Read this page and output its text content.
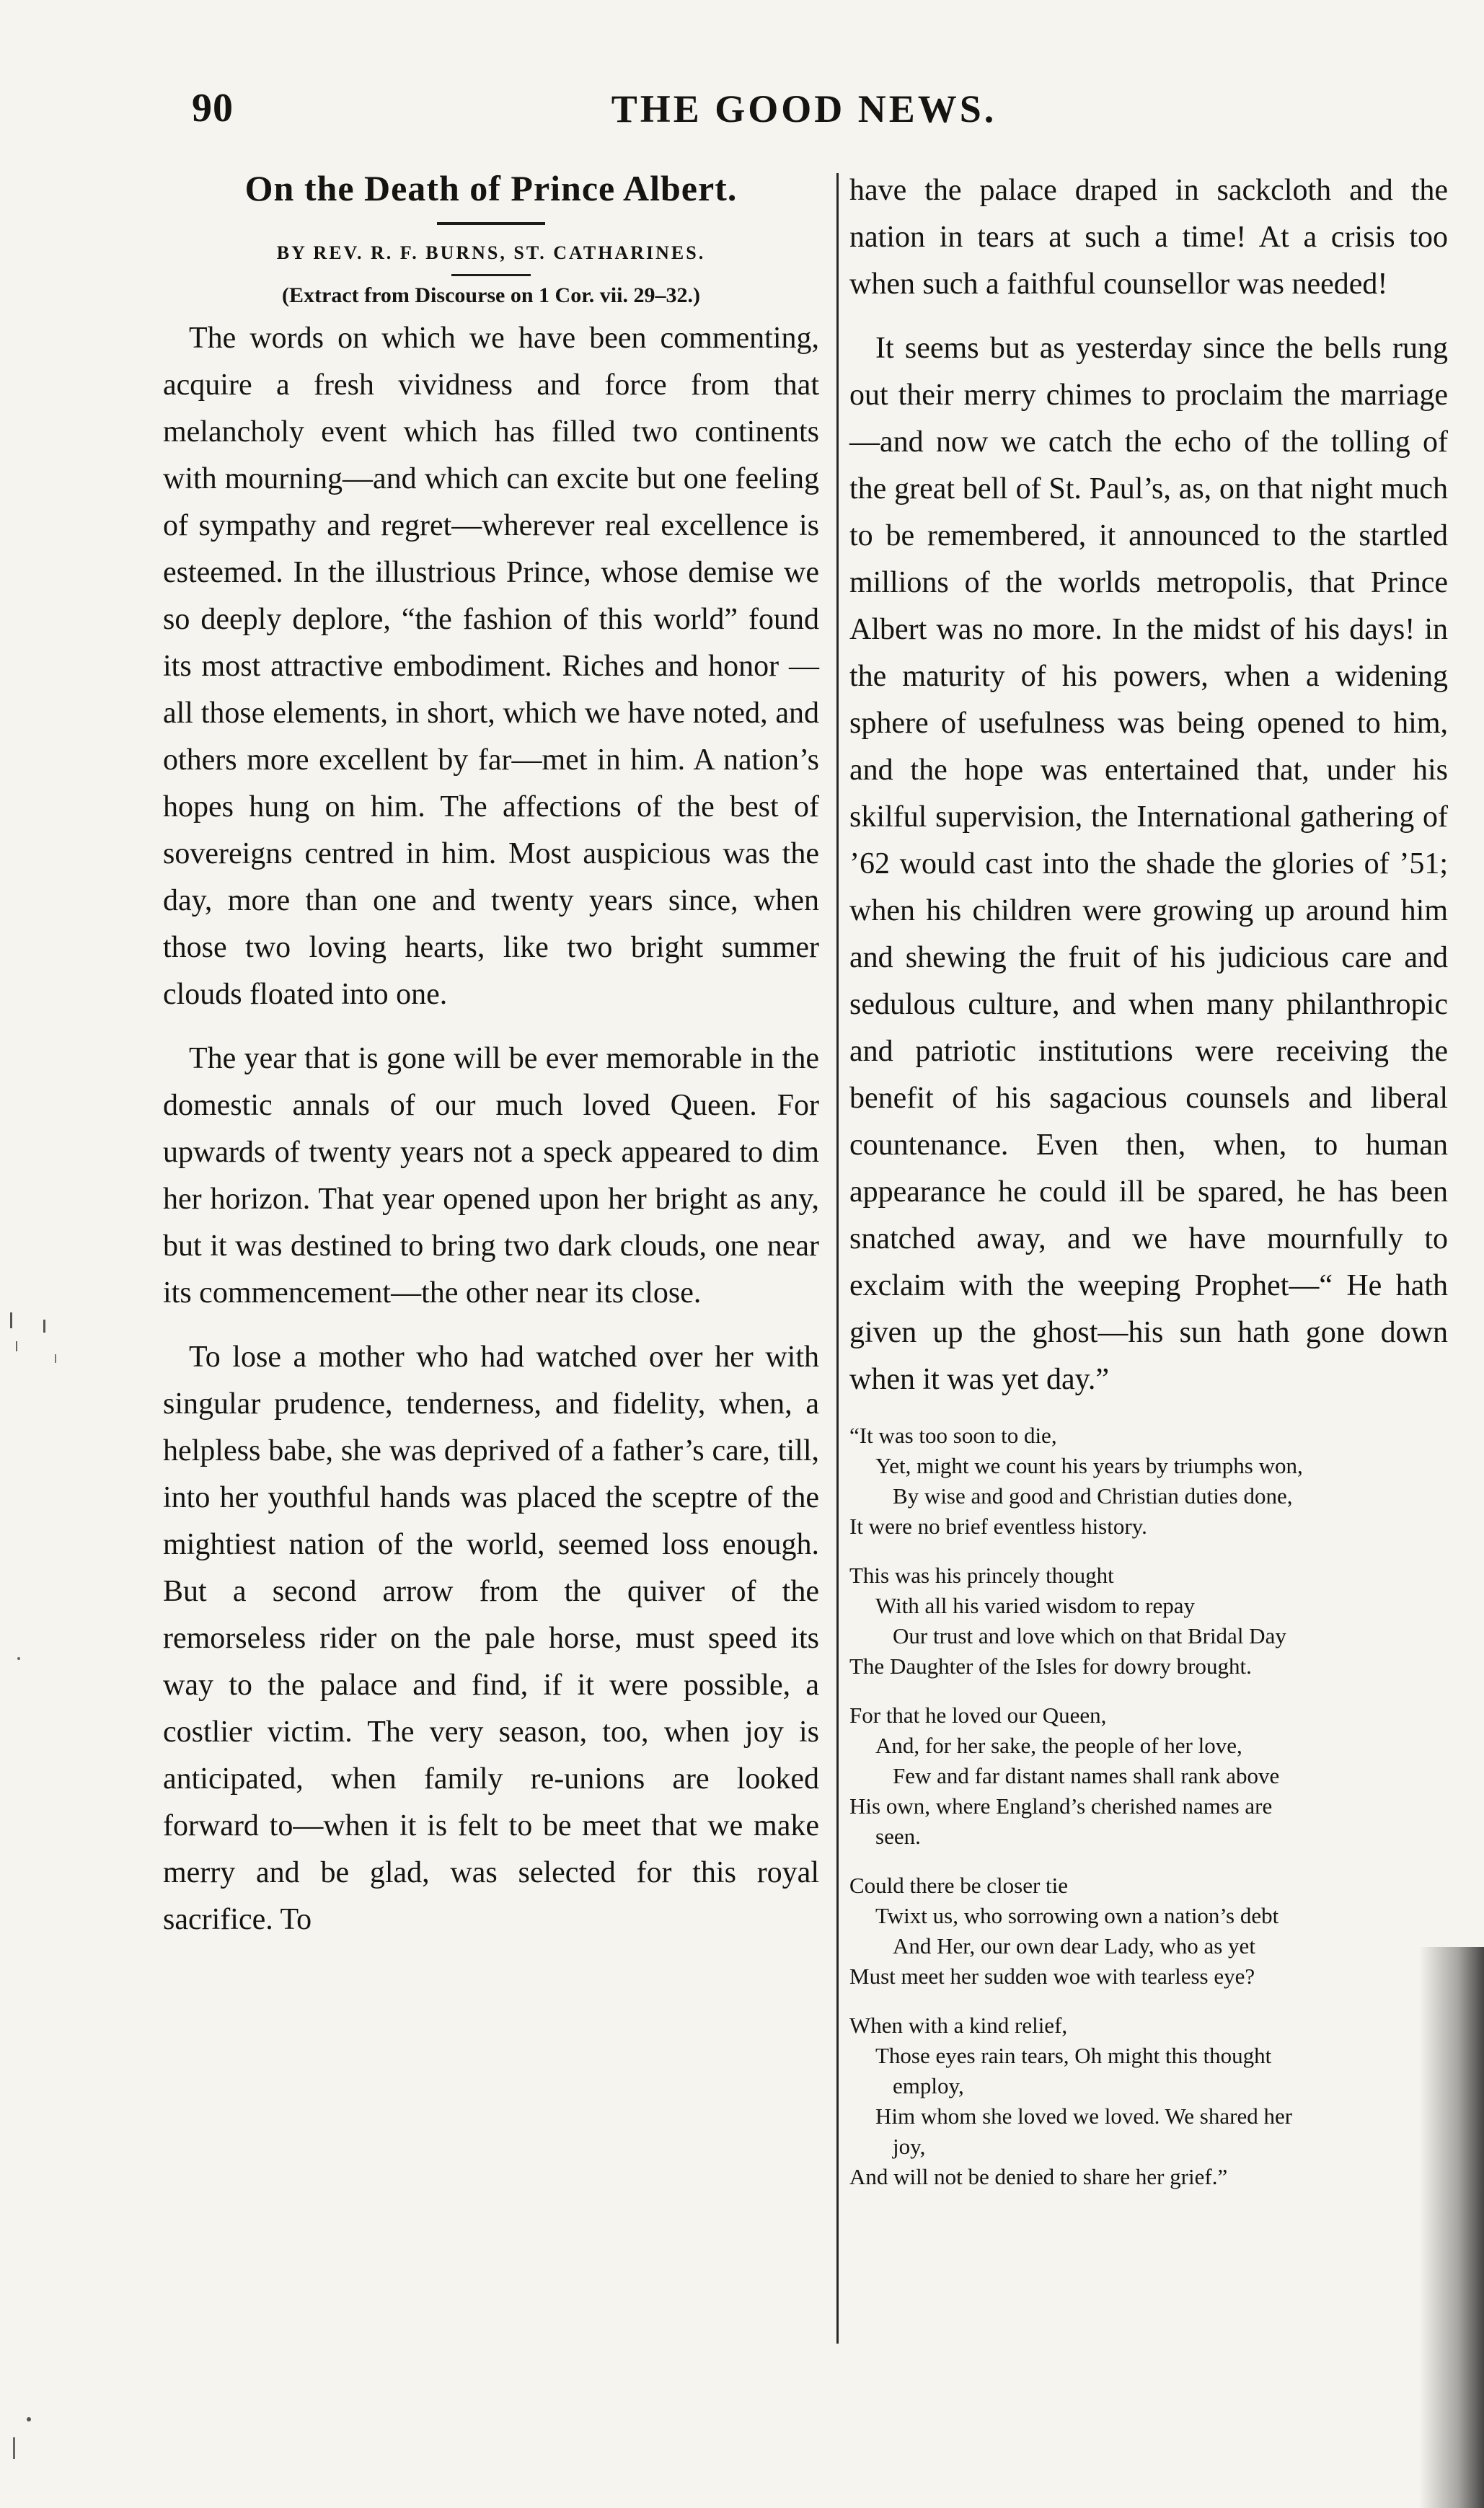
90	THE GOOD NEWS.
On the Death of Prince Albert.
BY REV. R. F. BURNS, ST. CATHARINES.
(Extract from Discourse on 1 Cor. vii. 29–32.)

The words on which we have been commenting, acquire a fresh vividness and force from that melancholy event which has filled two continents with mourning—and which can excite but one feeling of sympathy and regret—wherever real excellence is esteemed. In the illustrious Prince, whose demise we so deeply deplore, “the fashion of this world” found its most attractive embodiment. Riches and honor —all those elements, in short, which we have noted, and others more excellent by far—met in him. A nation’s hopes hung on him. The affections of the best of sovereigns centred in him. Most auspicious was the day, more than one and twenty years since, when those two loving hearts, like two bright summer clouds floated into one.

The year that is gone will be ever memorable in the domestic annals of our much loved Queen. For upwards of twenty years not a speck appeared to dim her horizon. That year opened upon her bright as any, but it was destined to bring two dark clouds, one near its commencement—the other near its close.

To lose a mother who had watched over her with singular prudence, tenderness, and fidelity, when, a helpless babe, she was deprived of a father’s care, till, into her youthful hands was placed the sceptre of the mightiest nation of the world, seemed loss enough. But a second arrow from the quiver of the remorseless rider on the pale horse, must speed its way to the palace and find, if it were possible, a costlier victim. The very season, too, when joy is anticipated, when family re-unions are looked forward to—when it is felt to be meet that we make merry and be glad, was selected for this royal sacrifice. To

have the palace draped in sackcloth and the nation in tears at such a time! At a crisis too when such a faithful counsellor was needed!

It seems but as yesterday since the bells rung out their merry chimes to proclaim the marriage—and now we catch the echo of the tolling of the great bell of St. Paul’s, as, on that night much to be remembered, it announced to the startled millions of the worlds metropolis, that Prince Albert was no more. In the midst of his days! in the maturity of his powers, when a widening sphere of usefulness was being opened to him, and the hope was entertained that, under his skilful supervision, the International gathering of ’62 would cast into the shade the glories of ’51; when his children were growing up around him and shewing the fruit of his judicious care and sedulous culture, and when many philanthropic and patriotic institutions were receiving the benefit of his sagacious counsels and liberal countenance. Even then, when, to human appearance he could ill be spared, he has been snatched away, and we have mournfully to exclaim with the weeping Prophet—“ He hath given up the ghost—his sun hath gone down when it was yet day.”

“It was too soon to die,
Yet, might we count his years by triumphs won,
By wise and good and Christian duties done,
It were no brief eventless history.
This was his princely thought
With all his varied wisdom to repay
Our trust and love which on that Bridal Day
The Daughter of the Isles for dowry brought.
For that he loved our Queen,
And, for her sake, the people of her love,
Few and far distant names shall rank above
His own, where England’s cherished names are
seen.
Could there be closer tie
Twixt us, who sorrowing own a nation’s debt
And Her, our own dear Lady, who as yet
Must meet her sudden woe with tearless eye?
When with a kind relief,
Those eyes rain tears, Oh might this thought
employ,
Him whom she loved we loved. We shared her
joy,
And will not be denied to share her grief.”
